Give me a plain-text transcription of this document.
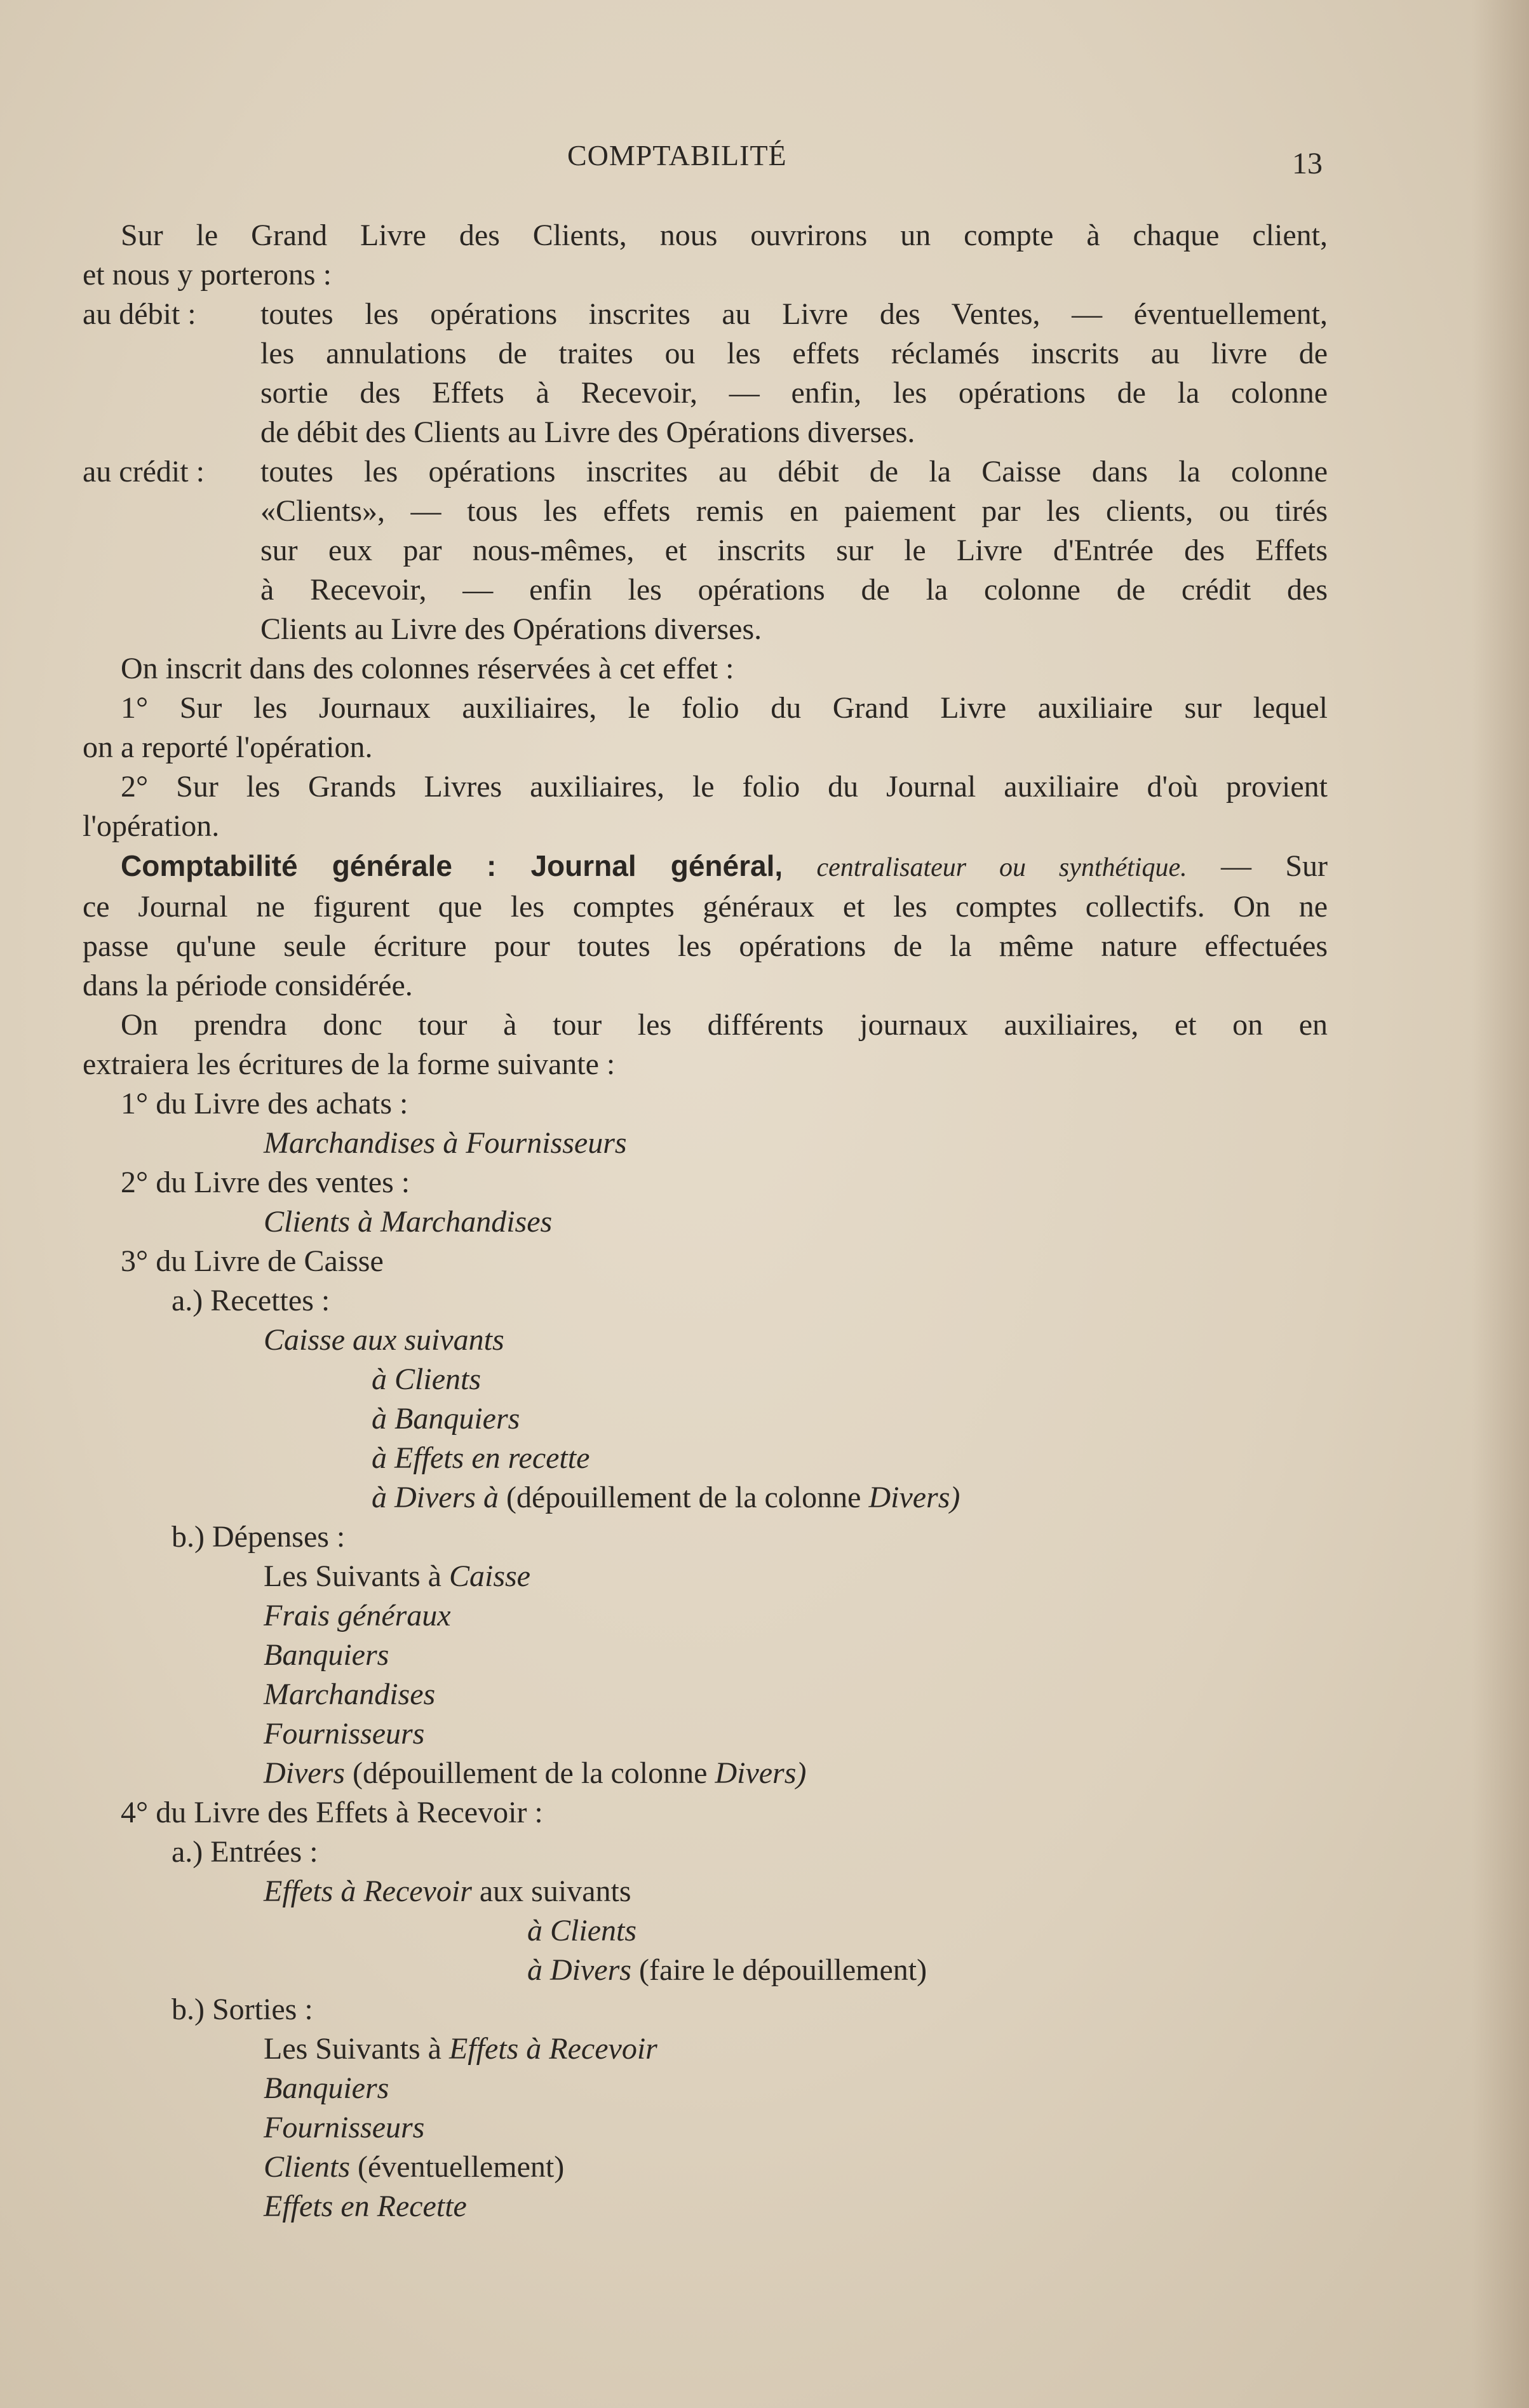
COMPTABILITÉ	13

Sur le Grand Livre des Clients, nous ouvrirons un compte à chaque client,

et nous y porterons :

au débit :	toutes les opérations inscrites au Livre des Ventes, — éventuellement,

les annulations de traites ou les effets réclamés inscrits au livre de

sortie des Effets à Recevoir, — enfin, les opérations de la colonne

de débit des Clients au Livre des Opérations diverses.

au crédit :	toutes les opérations inscrites au débit de la Caisse dans la colonne

«Clients», — tous les effets remis en paiement par les clients, ou tirés

sur eux par nous-mêmes, et inscrits sur le Livre d'Entrée des Effets

à Recevoir, — enfin les opérations de la colonne de crédit des

Clients au Livre des Opérations diverses.

On inscrit dans des colonnes réservées à cet effet :

1° Sur les Journaux auxiliaires, le folio du Grand Livre auxiliaire sur lequel

on a reporté l'opération.

2° Sur les Grands Livres auxiliaires, le folio du Journal auxiliaire d'où provient

l'opération.

Comptabilité générale : Journal général, centralisateur ou synthétique. — Sur

ce Journal ne figurent que les comptes généraux et les comptes collectifs. On ne

passe qu'une seule écriture pour toutes les opérations de la même nature effectuées

dans la période considérée.

On prendra donc tour à tour les différents journaux auxiliaires, et on en

extraiera les écritures de la forme suivante :

1° du Livre des achats :

Marchandises à Fournisseurs

2° du Livre des ventes :

Clients à Marchandises

3° du Livre de Caisse

a.) Recettes :

Caisse aux suivants

à Clients

à Banquiers

à Effets en recette

à Divers à (dépouillement de la colonne Divers)

b.) Dépenses :

Les Suivants à Caisse

Frais généraux

Banquiers

Marchandises

Fournisseurs

Divers (dépouillement de la colonne Divers)

4° du Livre des Effets à Recevoir :

a.) Entrées :

Effets à Recevoir aux suivants

à Clients

à Divers (faire le dépouillement)

b.) Sorties :

Les Suivants à Effets à Recevoir

Banquiers

Fournisseurs

Clients (éventuellement)

Effets en Recette
